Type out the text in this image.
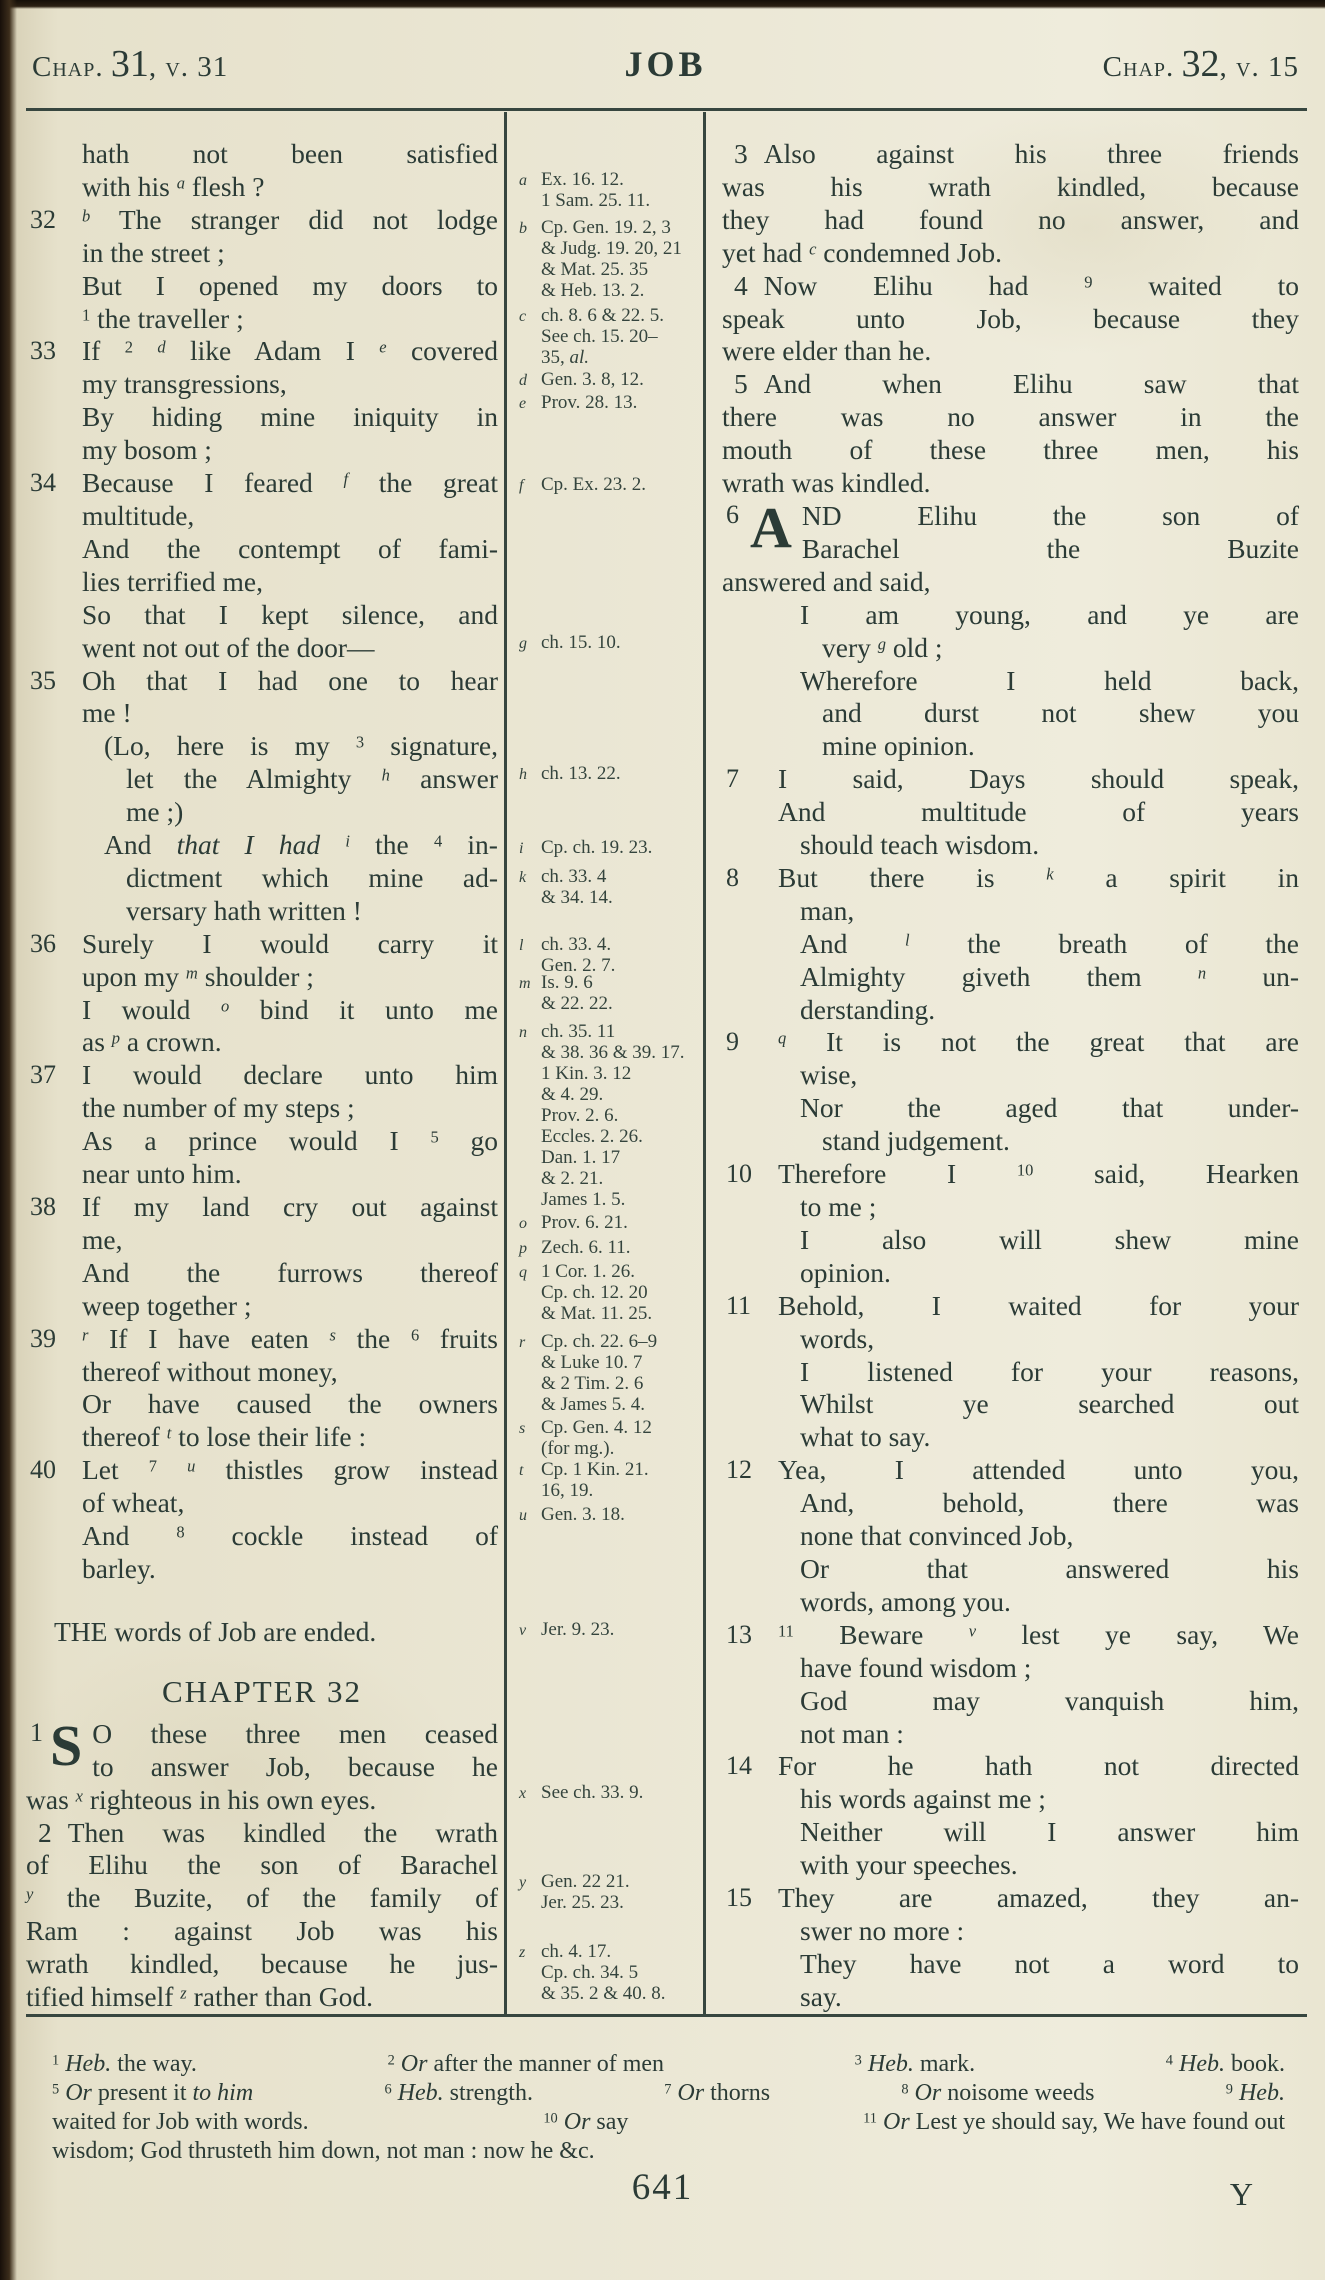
Chap. 31, v. 31	JOB	Chap. 32, v. 15
hath not been satisfied
with his $^a$ flesh ?
32 $^b$ The stranger did not lodge
in the street ;
But I opened my doors to
$^1$ the traveller ;
33 If $^2$ $^d$ like Adam I $^e$ covered
my transgressions,
By hiding mine iniquity in
my bosom ;
34 Because I feared $^f$ the great
multitude,
And the contempt of fami-
lies terrified me,
So that I kept silence, and
went not out of the door—
35 Oh that I had one to hear
me !
(Lo, here is my $^3$ signature,
let the Almighty $^h$ answer
me ;)
And that I had $^i$ the $^4$ in-
dictment which mine ad-
versary hath written !
36 Surely I would carry it
upon my $^m$ shoulder ;
I would $^o$ bind it unto me
as $^p$ a crown.
37 I would declare unto him
the number of my steps ;
As a prince would I $^5$ go
near unto him.
38 If my land cry out against
me,
And the furrows thereof
weep together ;
39 $^r$ If I have eaten $^s$ the $^6$ fruits
thereof without money,
Or have caused the owners
thereof $^t$ to lose their life :
40 Let $^7$ $^u$ thistles grow instead
of wheat,
And $^8$ cockle instead of
barley.
THE words of Job are ended.
CHAPTER 32
1 S O these three men ceased
to answer Job, because he
was $^x$ righteous in his own eyes.
2 Then was kindled the wrath
of Elihu the son of Barachel
$^y$ the Buzite, of the family of
Ram : against Job was his
wrath kindled, because he jus-
tified himself $^z$ rather than God.
a Ex. 16. 12.
1 Sam. 25. 11.
b Cp. Gen. 19. 2, 3
& Judg. 19. 20, 21
& Mat. 25. 35
& Heb. 13. 2.
c ch. 8. 6 & 22. 5.
See ch. 15. 20–
35, al.
d Gen. 3. 8, 12.
e Prov. 28. 13.
f Cp. Ex. 23. 2.
g ch. 15. 10.
h ch. 13. 22.
i Cp. ch. 19. 23.
k ch. 33. 4
& 34. 14.
l ch. 33. 4.
Gen. 2. 7.
m Is. 9. 6
& 22. 22.
n ch. 35. 11
& 38. 36 & 39. 17.
1 Kin. 3. 12
& 4. 29.
Prov. 2. 6.
Eccles. 2. 26.
Dan. 1. 17
& 2. 21.
James 1. 5.
o Prov. 6. 21.
p Zech. 6. 11.
q 1 Cor. 1. 26.
Cp. ch. 12. 20
& Mat. 11. 25.
r Cp. ch. 22. 6–9
& Luke 10. 7
& 2 Tim. 2. 6
& James 5. 4.
s Cp. Gen. 4. 12
(for mg.).
t Cp. 1 Kin. 21.
16, 19.
u Gen. 3. 18.
v Jer. 9. 23.
x See ch. 33. 9.
y Gen. 22 21.
Jer. 25. 23.
z ch. 4. 17.
Cp. ch. 34. 5
& 35. 2 & 40. 8.
3 Also against his three friends
was his wrath kindled, because
they had found no answer, and
yet had $^c$ condemned Job.
4 Now Elihu had $^9$ waited to
speak unto Job, because they
were elder than he.
5 And when Elihu saw that
there was no answer in the
mouth of these three men, his
wrath was kindled.
6 A ND Elihu the son of
Barachel the Buzite
answered and said,
I am young, and ye are
very $^g$ old ;
Wherefore I held back,
and durst not shew you
mine opinion.
7 I said, Days should speak,
And multitude of years
should teach wisdom.
8 But there is $^k$ a spirit in
man,
And $^l$ the breath of the
Almighty giveth them $^n$ un-
derstanding.
9 $^q$ It is not the great that are
wise,
Nor the aged that under-
stand judgement.
10 Therefore I $^{10}$ said, Hearken
to me ;
I also will shew mine
opinion.
11 Behold, I waited for your
words,
I listened for your reasons,
Whilst ye searched out
what to say.
12 Yea, I attended unto you,
And, behold, there was
none that convinced Job,
Or that answered his
words, among you.
13 $^{11}$ Beware $^v$ lest ye say, We
have found wisdom ;
God may vanquish him,
not man :
14 For he hath not directed
his words against me ;
Neither will I answer him
with your speeches.
15 They are amazed, they an-
swer no more :
They have not a word to
say.
$^1$ Heb. the way.	$^2$ Or after the manner of men	$^3$ Heb. mark.	$^4$ Heb. book.
$^5$ Or present it to him	$^6$ Heb. strength.	$^7$ Or thorns	$^8$ Or noisome weeds	$^9$ Heb.
waited for Job with words.	$^{10}$ Or say	$^{11}$ Or Lest ye should say, We have found out
wisdom; God thrusteth him down, not man : now he &c.
641	Y
